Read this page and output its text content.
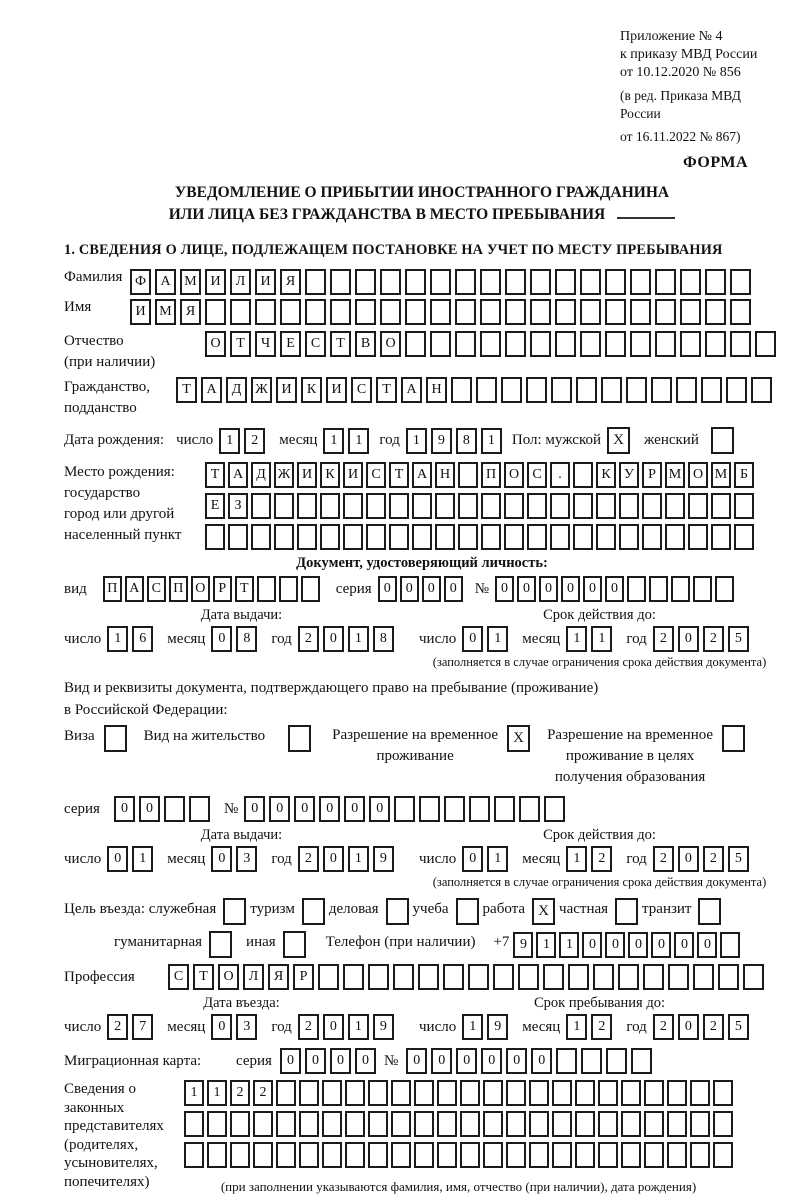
Приложение № 4
к приказу МВД России
от 10.12.2020 № 856
(в ред. Приказа МВД России
от 16.11.2022 № 867)
ФОРМА
УВЕДОМЛЕНИЕ О ПРИБЫТИИ ИНОСТРАННОГО ГРАЖДАНИНА
ИЛИ ЛИЦА БЕЗ ГРАЖДАНСТВА В МЕСТО ПРЕБЫВАНИЯ
1. СВЕДЕНИЯ О ЛИЦЕ, ПОДЛЕЖАЩЕМ ПОСТАНОВКЕ НА УЧЕТ ПО МЕСТУ ПРЕБЫВАНИЯ
Фамилия Ф	А М И	Л	И	Я
Имя	И М	Я
Отчество
(при наличии)
О	Т	Ч	Е	С	Т	В	О
Гражданство,
подданство
Т	А	Д Ж И	К	И	С	Т	А	Н
Дата рождения: число 1	2	месяц 1	1	год 1	9	8	1	Пол: мужской X	женский
Место рождения:
государство
город или другой
населенный пункт
Т А Д Ж И К И С	Т А Н	П О С	.	К У	Р М О М Б
Е	З
Документ, удостоверяющий личность:
вид	П А С П О Р Т	серия 0	0	0	0	№ 0	0	0	0	0	0
Дата выдачи:
число 1	6	месяц 0	8	год 2	0	1	8
Срок действия до:
число 0	1	месяц 1	1	год 2	0	2	5
(заполняется в случае ограничения срока действия документа)
Вид и реквизиты документа, подтверждающего право на пребывание (проживание)
в Российской Федерации:
Виза	Вид на жительство	Разрешение на временное
проживание
X	Разрешение на временное
проживание в целях
получения образования
серия	0	0	№ 0	0	0	0	0	0
Дата выдачи:
число 0	1	месяц 0	3	год 2	0	1	9
Срок действия до:
число 0	1	месяц 1	2	год 2	0	2	5
(заполняется в случае ограничения срока действия документа)
Цель въезда: служебная туризм деловая учеба работа X частная транзит
гуманитарная	иная	Телефон (при наличии) +7 9	1	1	0	0	0	0	0	0
Профессия	С	Т	О	Л	Я	Р
Дата въезда:
число 2	7	месяц 0	3	год 2	0	1	9
Срок пребывания до:
число 1	9	месяц 1	2	год 2	0	2	5
Миграционная карта:	серия	0	0	0	0	№	0	0	0	0	0	0
Сведения о
законных
представителях
(родителях,
усыновителях,
попечителях)
1	1	2	2
(при заполнении указываются фамилия, имя, отчество (при наличии), дата рождения)
